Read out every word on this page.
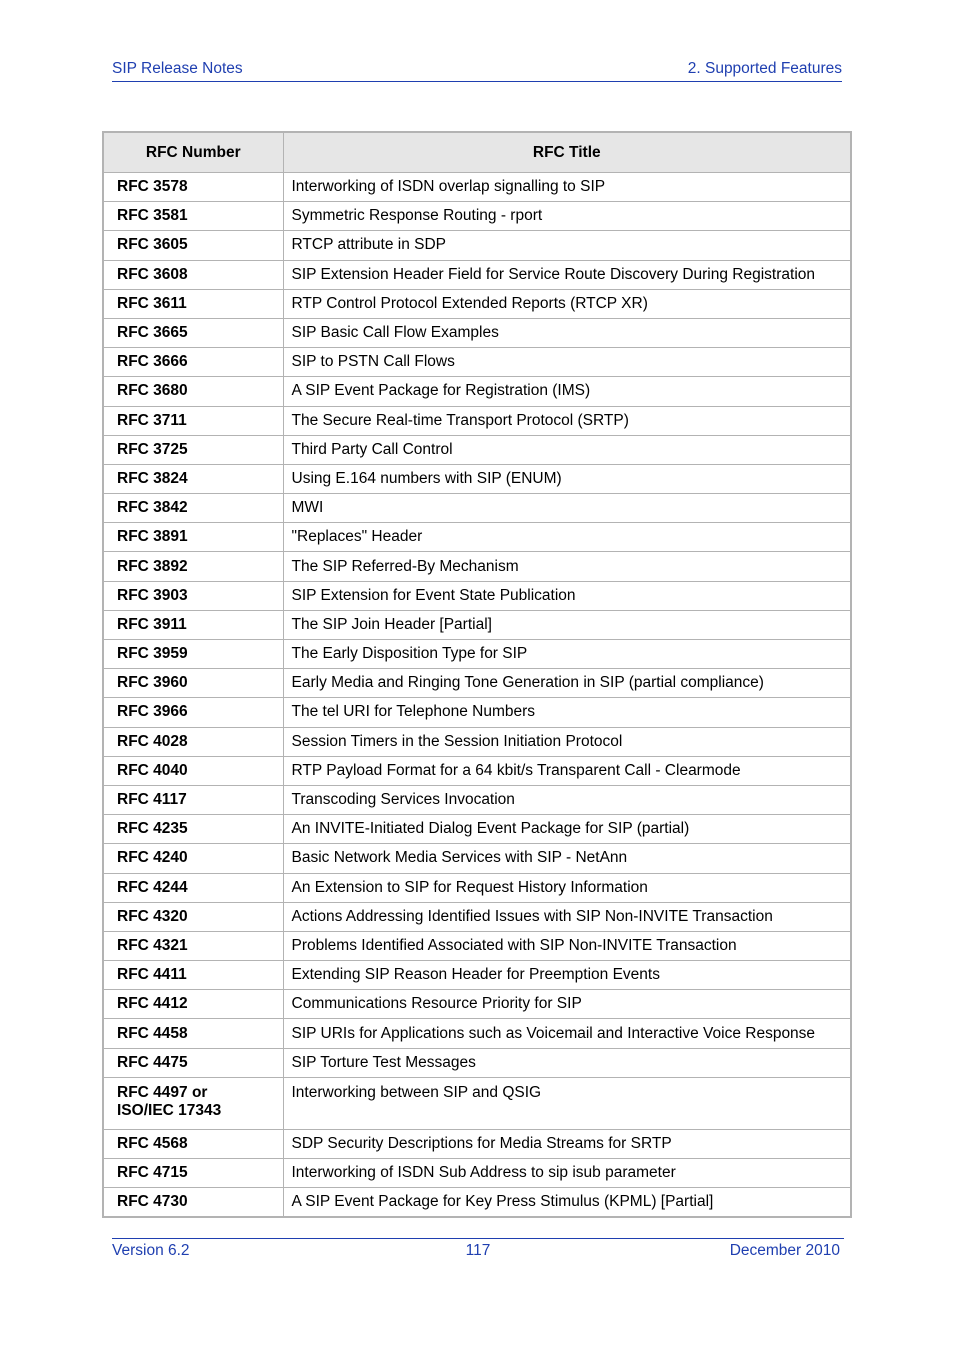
SIP Release Notes	2. Supported Features
RFC Number	RFC Title
RFC 3578	Interworking of ISDN overlap signalling to SIP
RFC 3581	Symmetric Response Routing - rport
RFC 3605	RTCP attribute in SDP
RFC 3608	SIP Extension Header Field for Service Route Discovery During Registration
RFC 3611	RTP Control Protocol Extended Reports (RTCP XR)
RFC 3665	SIP Basic Call Flow Examples
RFC 3666	SIP to PSTN Call Flows
RFC 3680	A SIP Event Package for Registration (IMS)
RFC 3711	The Secure Real-time Transport Protocol (SRTP)
RFC 3725	Third Party Call Control
RFC 3824	Using E.164 numbers with SIP (ENUM)
RFC 3842	MWI
RFC 3891	"Replaces" Header
RFC 3892	The SIP Referred-By Mechanism
RFC 3903	SIP Extension for Event State Publication
RFC 3911	The SIP Join Header [Partial]
RFC 3959	The Early Disposition Type for SIP
RFC 3960	Early Media and Ringing Tone Generation in SIP (partial compliance)
RFC 3966	The tel URI for Telephone Numbers
RFC 4028	Session Timers in the Session Initiation Protocol
RFC 4040	RTP Payload Format for a 64 kbit/s Transparent Call - Clearmode
RFC 4117	Transcoding Services Invocation
RFC 4235	An INVITE-Initiated Dialog Event Package for SIP (partial)
RFC 4240	Basic Network Media Services with SIP - NetAnn
RFC 4244	An Extension to SIP for Request History Information
RFC 4320	Actions Addressing Identified Issues with SIP Non-INVITE Transaction
RFC 4321	Problems Identified Associated with SIP Non-INVITE Transaction
RFC 4411	Extending SIP Reason Header for Preemption Events
RFC 4412	Communications Resource Priority for SIP
RFC 4458	SIP URIs for Applications such as Voicemail and Interactive Voice Response
RFC 4475	SIP Torture Test Messages
RFC 4497 or
ISO/IEC 17343	Interworking between SIP and QSIG
RFC 4568	SDP Security Descriptions for Media Streams for SRTP
RFC 4715	Interworking of ISDN Sub Address to sip isub parameter
RFC 4730	A SIP Event Package for Key Press Stimulus (KPML) [Partial]
Version 6.2	117	December 2010
